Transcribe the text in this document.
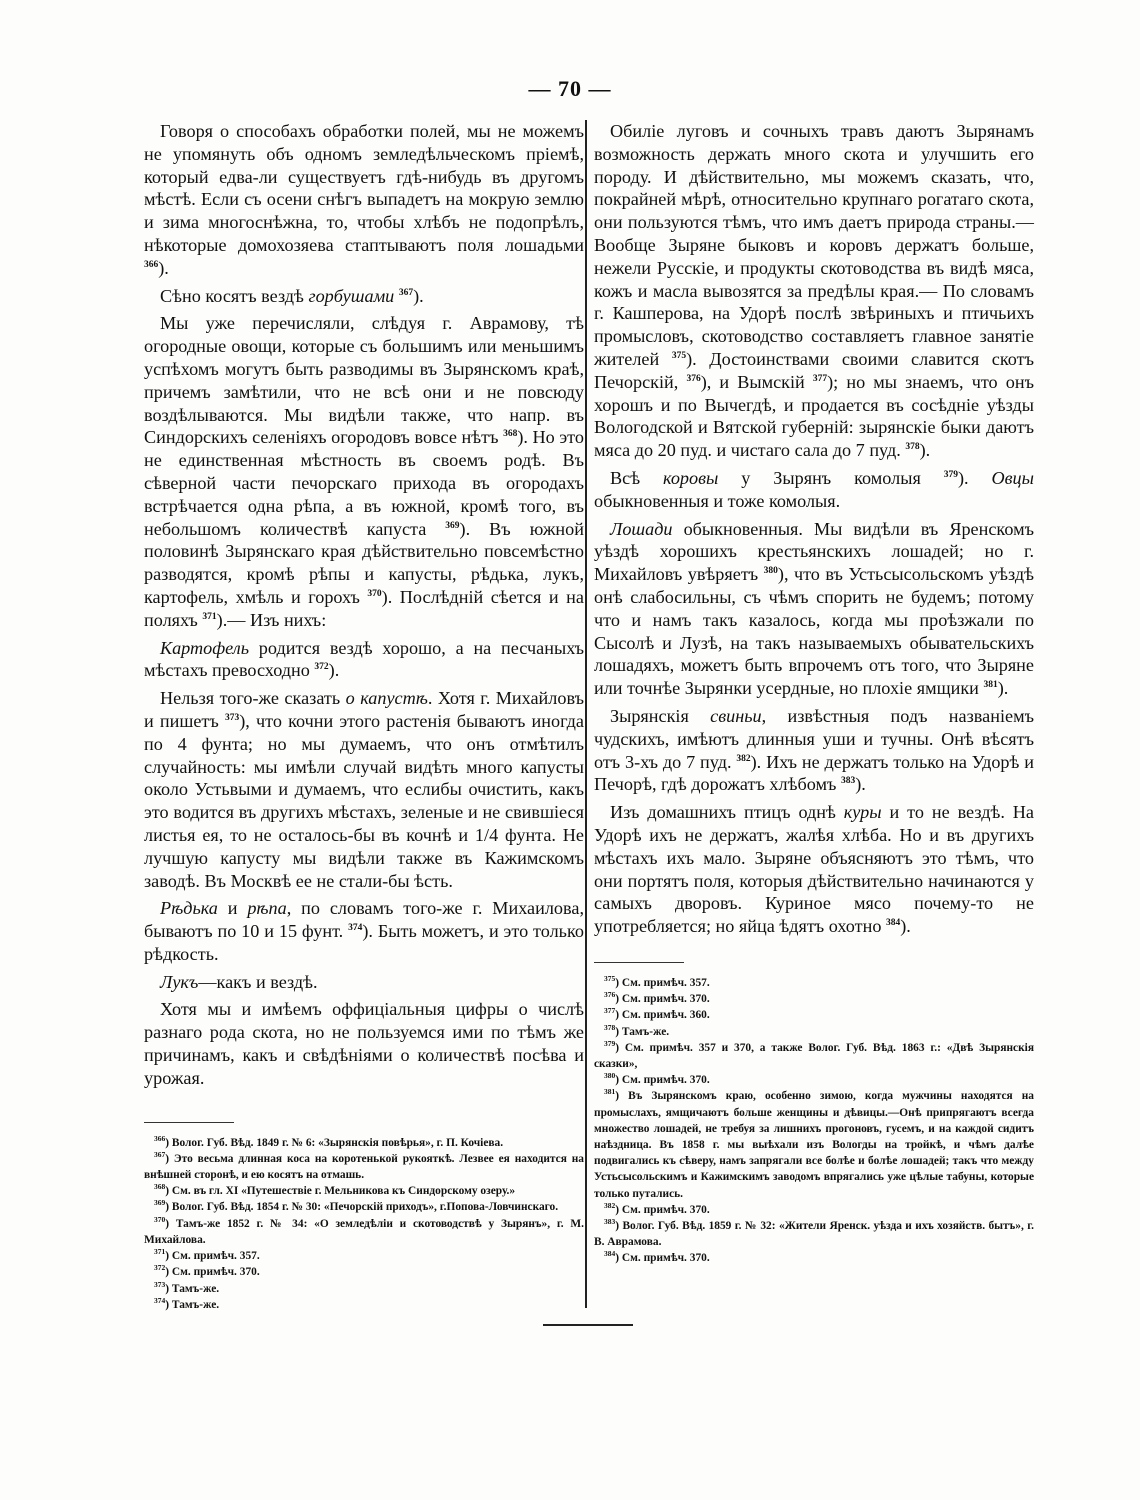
— 70 —

Говоря о способахъ обработки полей, мы не можемъ не упомянуть объ одномъ земледѣльческомъ пріемѣ, который едва-ли существуетъ гдѣ-нибудь въ другомъ мѣстѣ. Если съ осени снѣгъ выпадетъ на мокрую землю и зима многоснѣжна, то, чтобы хлѣбъ не подопрѣлъ, нѣкоторые домохозяева стаптываютъ поля лошадьми $^{366}$).

Сѣно косятъ вездѣ горбушами $^{367}$).

Мы уже перечисляли, слѣдуя г. Аврамову, тѣ огородные овощи, которые съ большимъ или меньшимъ успѣхомъ могутъ быть разводимы въ Зырянскомъ краѣ, причемъ замѣтили, что не всѣ они и не повсюду воздѣлываются. Мы видѣли также, что напр. въ Синдорскихъ селеніяхъ огородовъ вовсе нѣтъ $^{368}$). Но это не единственная мѣстность въ своемъ родѣ. Въ сѣверной части печорскаго прихода въ огородахъ встрѣчается одна рѣпа, а въ южной, кромѣ того, въ небольшомъ количествѣ капуста $^{369}$). Въ южной половинѣ Зырянскаго края дѣйствительно повсемѣстно разводятся, кромѣ рѣпы и капусты, рѣдька, лукъ, картофель, хмѣль и горохъ $^{370}$). Послѣдній сѣется и на поляхъ $^{371}$).— Изъ нихъ:

Картофель родится вездѣ хорошо, а на песчаныхъ мѣстахъ превосходно $^{372}$).

Нельзя того-же сказать о капустѣ. Хотя г. Михайловъ и пишетъ $^{373}$), что кочни этого растенія бываютъ иногда по 4 фунта; но мы думаемъ, что онъ отмѣтилъ случайность: мы имѣли случай видѣть много капусты около Устьвыми и думаемъ, что еслибы очистить, какъ это водится въ другихъ мѣстахъ, зеленые и не свившіеся листья ея, то не осталось-бы въ кочнѣ и 1/4 фунта. Не лучшую капусту мы видѣли также въ Кажимскомъ заводѣ. Въ Москвѣ ее не стали-бы ѣсть.

Рѣдька и рѣпа, по словамъ того-же г. Михаилова, бываютъ по 10 и 15 фунт. $^{374}$). Быть можетъ, и это только рѣдкость.

Лукъ—какъ и вездѣ.

Хотя мы и имѣемъ оффиціальныя цифры о числѣ разнаго рода скота, но не пользуемся ими по тѣмъ же причинамъ, какъ и свѣдѣніями о количествѣ посѣва и урожая.

$^{366}$) Волог. Губ. Вѣд. 1849 г. № 6: «Зырянскія повѣрья», г. П. Кочіева.

$^{367}$) Это весьма длинная коса на коротенькой рукояткѣ. Лезвее ея находится на внѣшней сторонѣ, и ею косятъ на отмашь.

$^{368}$) См. въ гл. XI «Путешествіе г. Мельникова къ Синдорскому озеру.»

$^{369}$) Волог. Губ. Вѣд. 1854 г. № 30: «Печорскій приходъ», г.Попова-Ловчинскаго.

$^{370}$) Тамъ-же 1852 г. № 34: «О земледѣліи и скотоводствѣ у Зырянъ», г. М. Михайлова.

$^{371}$) См. примѣч. 357.

$^{372}$) См. примѣч. 370.

$^{373}$) Тамъ-же.

$^{374}$) Тамъ-же.

Обиліе луговъ и сочныхъ травъ даютъ Зырянамъ возможность держать много скота и улучшить его породу. И дѣйствительно, мы можемъ сказать, что, покрайней мѣрѣ, относительно крупнаго рогатаго скота, они пользуются тѣмъ, что имъ даетъ природа страны.— Вообще Зыряне быковъ и коровъ держатъ больше, нежели Русскіе, и продукты скотоводства въ видѣ мяса, кожъ и масла вывозятся за предѣлы края.— По словамъ г. Кашперова, на Удорѣ послѣ звѣриныхъ и птичьихъ промысловъ, скотоводство составляетъ главное занятіе жителей $^{375}$). Достоинствами своими славится скотъ Печорскій, $^{376}$), и Вымскій $^{377}$); но мы знаемъ, что онъ хорошъ и по Вычегдѣ, и продается въ сосѣдніе уѣзды Вологодской и Вятской губерній: зырянскіе быки даютъ мяса до 20 пуд. и чистаго сала до 7 пуд. $^{378}$).

Всѣ коровы у Зырянъ комолыя $^{379}$). Овцы обыкновенныя и тоже комолыя.

Лошади обыкновенныя. Мы видѣли въ Яренскомъ уѣздѣ хорошихъ крестьянскихъ лошадей; но г. Михайловъ увѣряетъ $^{380}$), что въ Устьсысольскомъ уѣздѣ онѣ слабосильны, съ чѣмъ спорить не будемъ; потому что и намъ такъ казалось, когда мы проѣзжали по Сысолѣ и Лузѣ, на такъ называемыхъ обывательскихъ лошадяхъ, можетъ быть впрочемъ отъ того, что Зыряне или точнѣе Зырянки усердные, но плохіе ямщики $^{381}$).

Зырянскія свиньи, извѣстныя подъ названіемъ чудскихъ, имѣютъ длинныя уши и тучны. Онѣ вѣсятъ отъ 3-хъ до 7 пуд. $^{382}$). Ихъ не держатъ только на Удорѣ и Печорѣ, гдѣ дорожатъ хлѣбомъ $^{383}$).

Изъ домашнихъ птицъ однѣ куры и то не вездѣ. На Удорѣ ихъ не держатъ, жалѣя хлѣба. Но и въ другихъ мѣстахъ ихъ мало. Зыряне объясняютъ это тѣмъ, что они портятъ поля, которыя дѣйствительно начинаются у самыхъ дворовъ. Куриное мясо почему-то не употребляется; но яйца ѣдятъ охотно $^{384}$).

$^{375}$) См. примѣч. 357.

$^{376}$) См. примѣч. 370.

$^{377}$) См. примѣч. 360.

$^{378}$) Тамъ-же.

$^{379}$) См. примѣч. 357 и 370, а также Волог. Губ. Вѣд. 1863 г.: «Двѣ Зырянскія сказки»,

$^{380}$) См. примѣч. 370.

$^{381}$) Въ Зырянскомъ краю, особенно зимою, когда мужчины находятся на промыслахъ, ямщичаютъ больше женщины и дѣвицы.—Онѣ припрягаютъ всегда множество лошадей, не требуя за лишнихъ прогоновъ, гусемъ, и на каждой сидитъ наѣздница. Въ 1858 г. мы выѣхали изъ Вологды на тройкѣ, и чѣмъ далѣе подвигались къ сѣверу, намъ запрягали все болѣе и болѣе лошадей; такъ что между Устьсысольскимъ и Кажимскимъ заводомъ впрягались уже цѣлые табуны, которые только путались.

$^{382}$) См. примѣч. 370.

$^{383}$) Волог. Губ. Вѣд. 1859 г. № 32: «Жители Яренск. уѣзда и ихъ хозяйств. бытъ», г. В. Аврамова.

$^{384}$) См. примѣч. 370.
